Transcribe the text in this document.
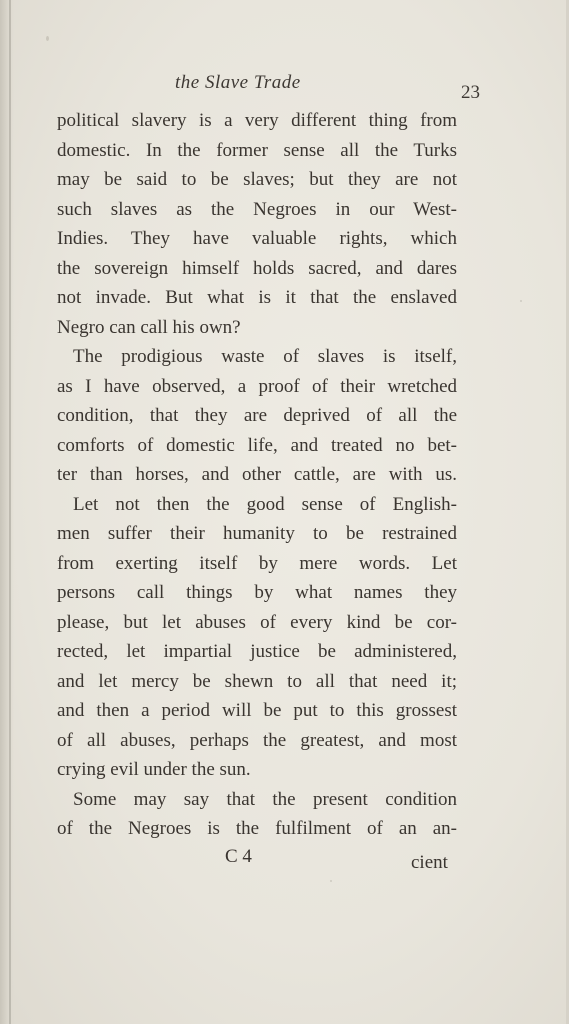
the Slave Trade	23
political slavery is a very different thing from
domestic. In the former sense all the Turks
may be said to be slaves; but they are not
such slaves as the Negroes in our West-
Indies. They have valuable rights, which
the sovereign himself holds sacred, and dares
not invade. But what is it that the enslaved
Negro can call his own?
The prodigious waste of slaves is itself,
as I have observed, a proof of their wretched
condition, that they are deprived of all the
comforts of domestic life, and treated no bet-
ter than horses, and other cattle, are with us.
Let not then the good sense of English-
men suffer their humanity to be restrained
from exerting itself by mere words. Let
persons call things by what names they
please, but let abuses of every kind be cor-
rected, let impartial justice be administered,
and let mercy be shewn to all that need it;
and then a period will be put to this grossest
of all abuses, perhaps the greatest, and most
crying evil under the sun.
Some may say that the present condition
of the Negroes is the fulfilment of an an-
C 4	cient
